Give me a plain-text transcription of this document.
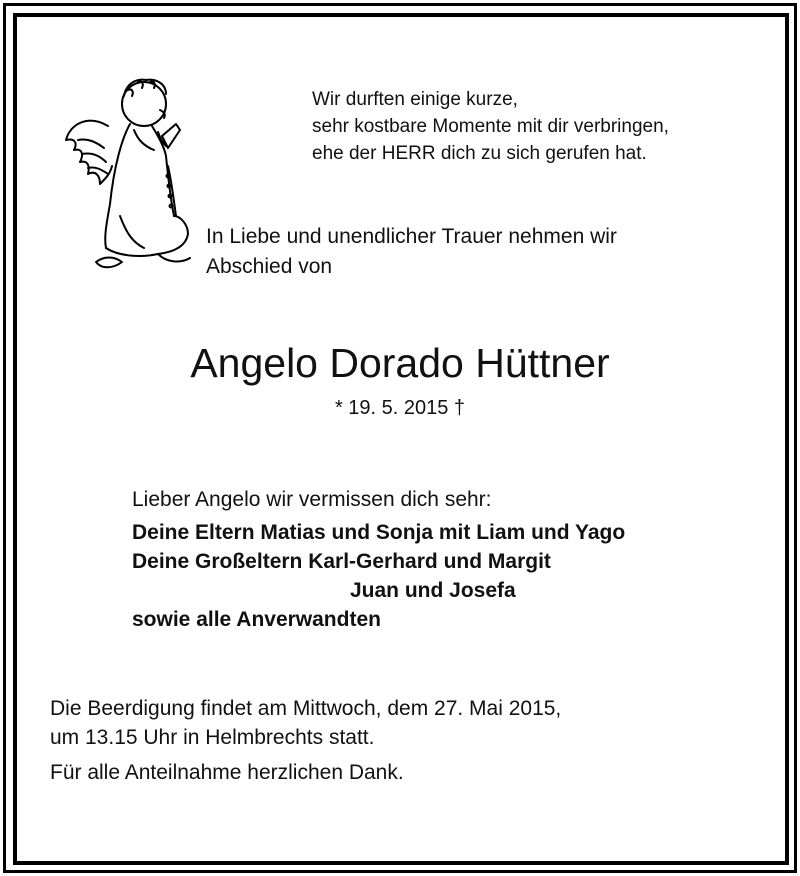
Wir durften einige kurze,
sehr kostbare Momente mit dir verbringen,
ehe der HERR dich zu sich gerufen hat.
In Liebe und unendlicher Trauer nehmen wir
Abschied von
Angelo Dorado Hüttner
* 19. 5. 2015 †
Lieber Angelo wir vermissen dich sehr:
Deine Eltern Matias und Sonja mit Liam und Yago
Deine Großeltern Karl-Gerhard und Margit
Juan und Josefa
sowie alle Anverwandten
Die Beerdigung findet am Mittwoch, dem 27. Mai 2015,
um 13.15 Uhr in Helmbrechts statt.
Für alle Anteilnahme herzlichen Dank.
